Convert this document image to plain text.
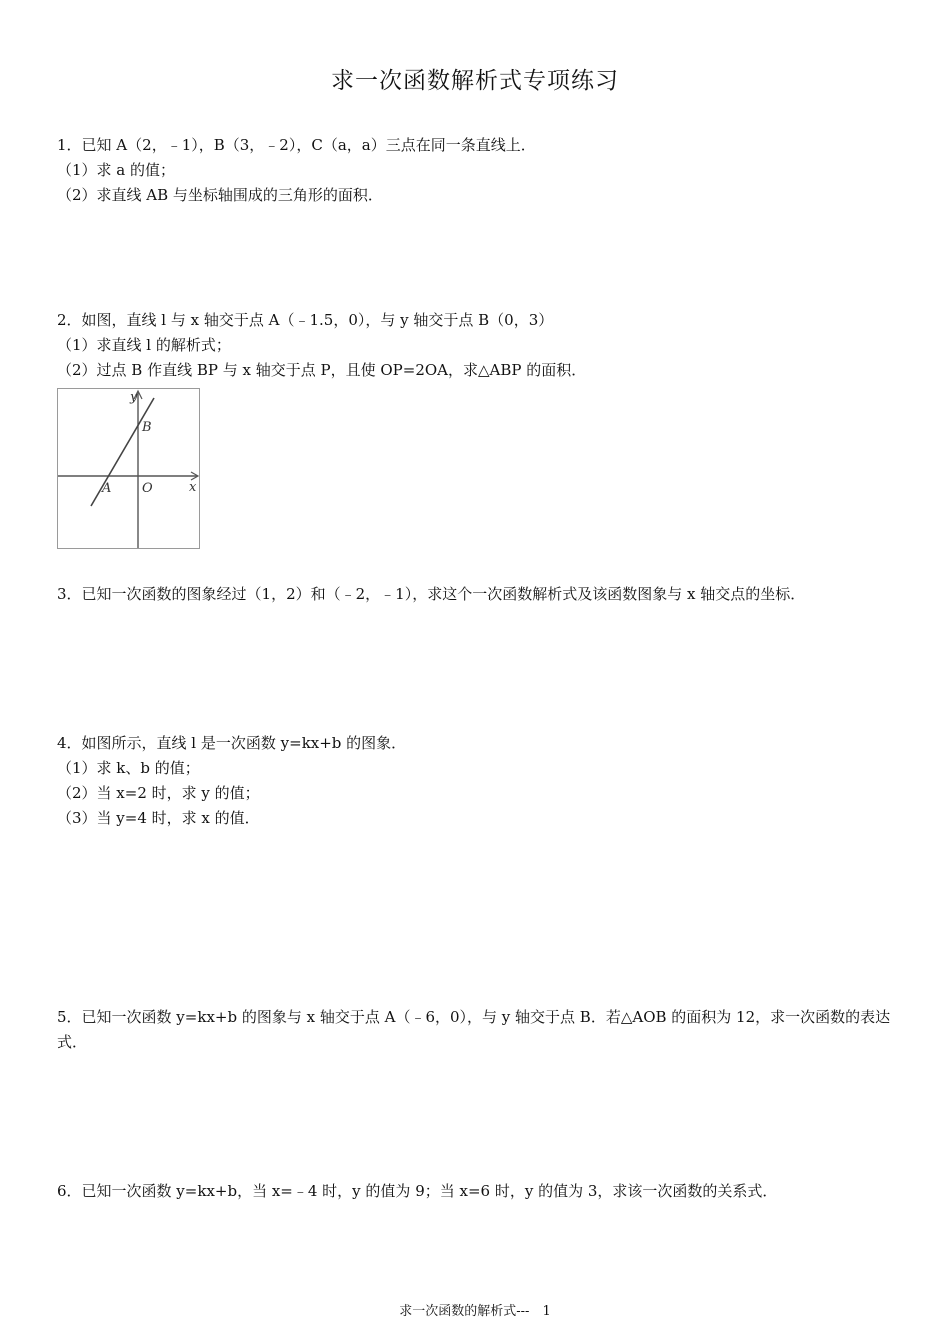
求一次函数解析式专项练习
1．已知 A（2，﹣1），B（3，﹣2），C（a，a）三点在同一条直线上．
（1）求 a 的值；
（2）求直线 AB 与坐标轴围成的三角形的面积．
2．如图，直线 l 与 x 轴交于点 A（﹣1.5，0），与 y 轴交于点 B（0，3）
（1）求直线 l 的解析式；
（2）过点 B 作直线 BP 与 x 轴交于点 P，且使 OP=2OA，求△ABP 的面积．
y
B
A O	x
3．已知一次函数的图象经过（1，2）和（﹣2，﹣1），求这个一次函数解析式及该函数图象与 x 轴交点的坐标．
4．如图所示，直线 l 是一次函数 y=kx+b 的图象．
（1）求 k、b 的值；
（2）当 x=2 时，求 y 的值；
（3）当 y=4 时，求 x 的值．
5．已知一次函数 y=kx+b 的图象与 x 轴交于点 A（﹣6，0），与 y 轴交于点 B．若△AOB 的面积为 12，求一次函数的表达式．
6．已知一次函数 y=kx+b，当 x=﹣4 时，y 的值为 9；当 x=6 时，y 的值为 3，求该一次函数的关系式．
求一次函数的解析式---　1
